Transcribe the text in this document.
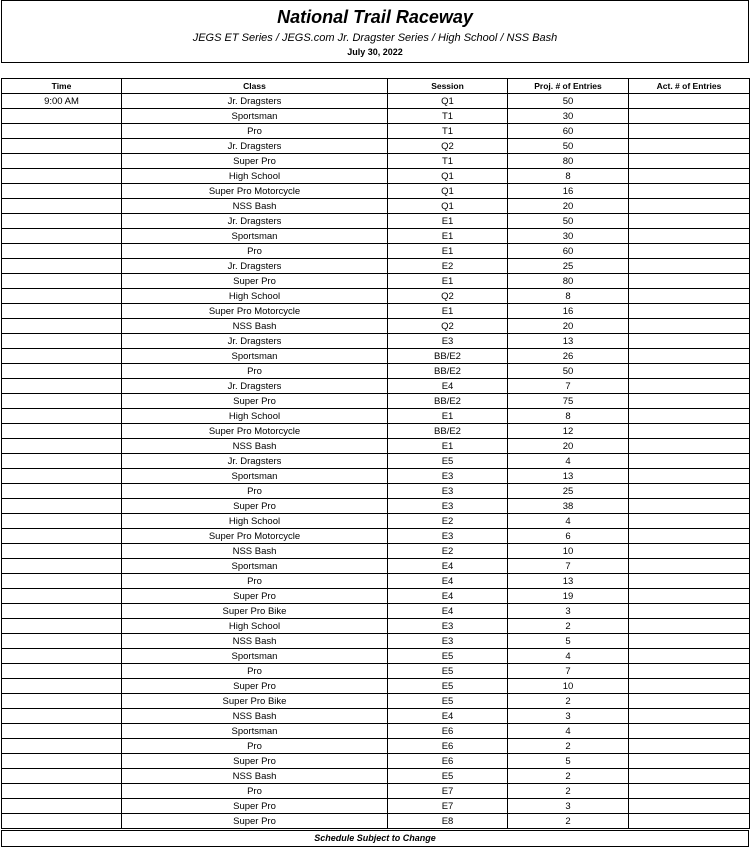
National Trail Raceway
JEGS ET Series / JEGS.com Jr. Dragster Series / High School / NSS Bash
July 30, 2022
Time	Class	Session	Proj. # of Entries	Act. # of Entries
9:00 AM	Jr. Dragsters	Q1	50	
	Sportsman	T1	30	
	Pro	T1	60	
	Jr. Dragsters	Q2	50	
	Super Pro	T1	80	
	High School	Q1	8	
	Super Pro Motorcycle	Q1	16	
	NSS Bash	Q1	20	
	Jr. Dragsters	E1	50	
	Sportsman	E1	30	
	Pro	E1	60	
	Jr. Dragsters	E2	25	
	Super Pro	E1	80	
	High School	Q2	8	
	Super Pro Motorcycle	E1	16	
	NSS Bash	Q2	20	
	Jr. Dragsters	E3	13	
	Sportsman	BB/E2	26	
	Pro	BB/E2	50	
	Jr. Dragsters	E4	7	
	Super Pro	BB/E2	75	
	High School	E1	8	
	Super Pro Motorcycle	BB/E2	12	
	NSS Bash	E1	20	
	Jr. Dragsters	E5	4	
	Sportsman	E3	13	
	Pro	E3	25	
	Super Pro	E3	38	
	High School	E2	4	
	Super Pro Motorcycle	E3	6	
	NSS Bash	E2	10	
	Sportsman	E4	7	
	Pro	E4	13	
	Super Pro	E4	19	
	Super Pro Bike	E4	3	
	High School	E3	2	
	NSS Bash	E3	5	
	Sportsman	E5	4	
	Pro	E5	7	
	Super Pro	E5	10	
	Super Pro Bike	E5	2	
	NSS Bash	E4	3	
	Sportsman	E6	4	
	Pro	E6	2	
	Super Pro	E6	5	
	NSS Bash	E5	2	
	Pro	E7	2	
	Super Pro	E7	3	
	Super Pro	E8	2	
Schedule Subject to Change
